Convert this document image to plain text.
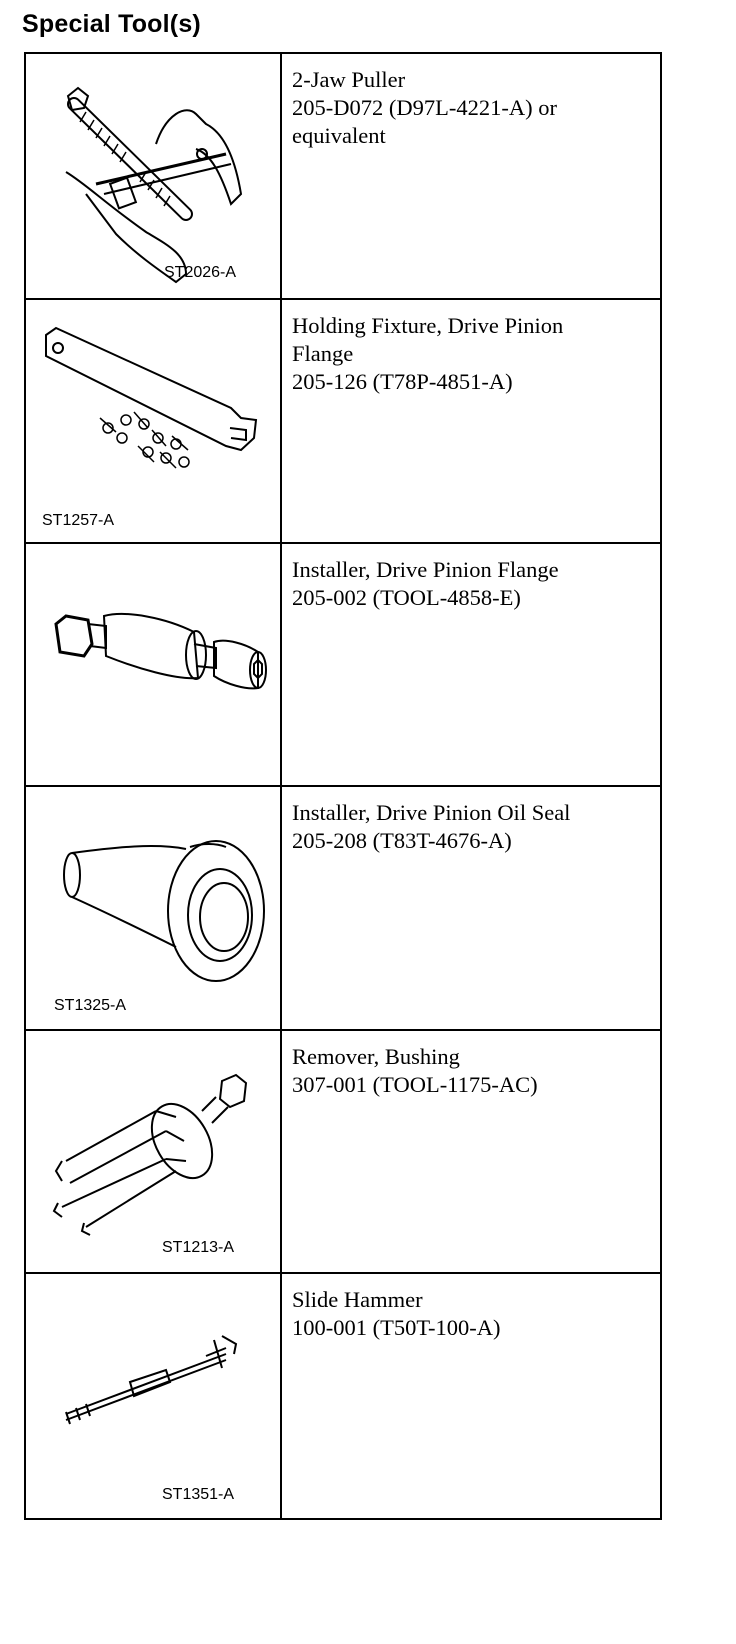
Special Tool(s)
ST2026-A	2-Jaw Puller
205-D072 (D97L-4221-A) or
equivalent

ST1257-A	Holding Fixture, Drive Pinion
Flange
205-126 (T78P-4851-A)

Installer, Drive Pinion Flange
205-002 (TOOL-4858-E)

ST1325-A	Installer, Drive Pinion Oil Seal
205-208 (T83T-4676-A)

ST1213-A	Remover, Bushing
307-001 (TOOL-1175-AC)

ST1351-A	Slide Hammer
100-001 (T50T-100-A)
